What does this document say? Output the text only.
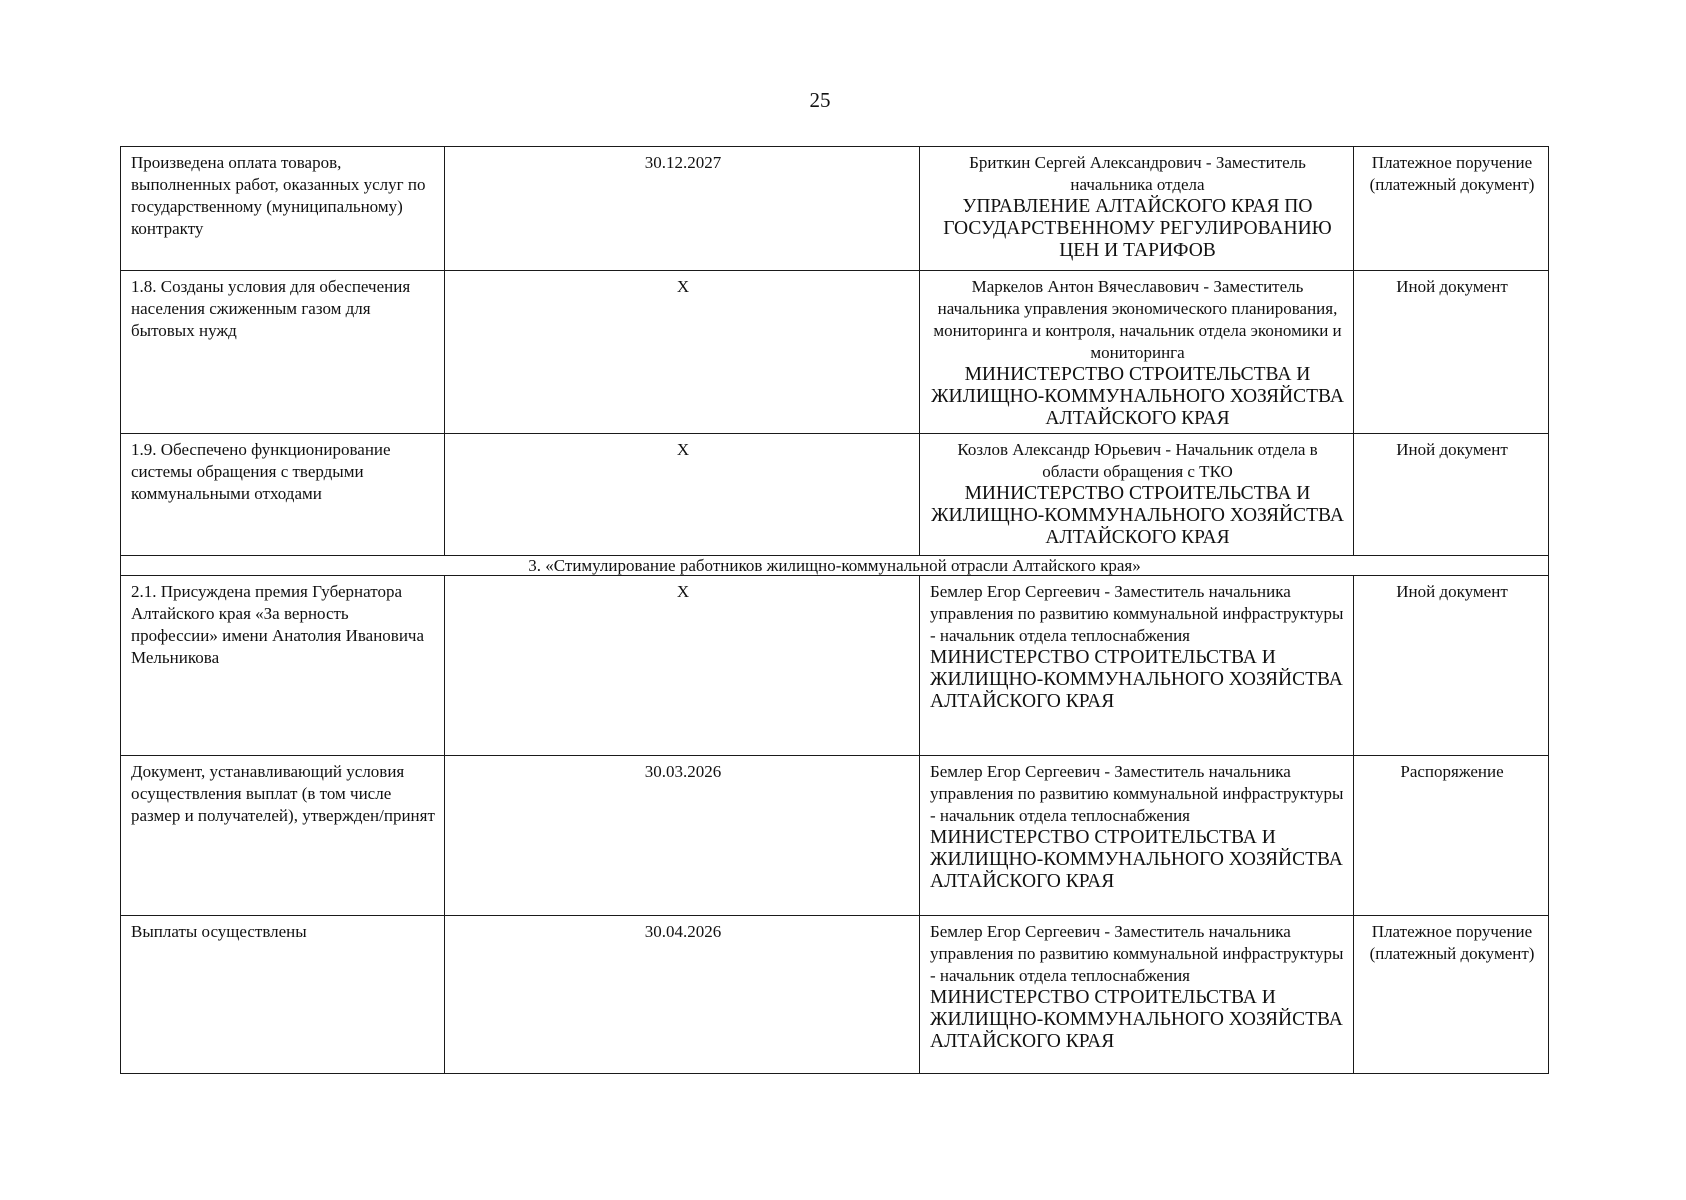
25
Произведена оплата товаров, выполненных работ, оказанных услуг по государственному (муниципальному) контракту	30.12.2027	Бриткин Сергей Александрович - Заместитель начальника отдела
УПРАВЛЕНИЕ АЛТАЙСКОГО КРАЯ ПО ГОСУДАРСТВЕННОМУ РЕГУЛИРОВАНИЮ ЦЕН И ТАРИФОВ	Платежное поручение (платежный документ)
1.8. Созданы условия для обеспечения населения сжиженным газом для бытовых нужд	X	Маркелов Антон Вячеславович - Заместитель начальника управления экономического планирования, мониторинга и контроля, начальник отдела экономики и мониторинга
МИНИСТЕРСТВО СТРОИТЕЛЬСТВА И ЖИЛИЩНО-КОММУНАЛЬНОГО ХОЗЯЙСТВА АЛТАЙСКОГО КРАЯ	Иной документ
1.9. Обеспечено функционирование системы обращения с твердыми коммунальными отходами	X	Козлов Александр Юрьевич - Начальник отдела в области обращения с ТКО
МИНИСТЕРСТВО СТРОИТЕЛЬСТВА И ЖИЛИЩНО-КОММУНАЛЬНОГО ХОЗЯЙСТВА АЛТАЙСКОГО КРАЯ	Иной документ
3. «Стимулирование работников жилищно-коммунальной отрасли Алтайского края»			
2.1. Присуждена премия Губернатора Алтайского края «За верность профессии» имени Анатолия Ивановича Мельникова	X	Бемлер Егор Сергеевич - Заместитель начальника управления по развитию коммунальной инфраструктуры - начальник отдела теплоснабжения
МИНИСТЕРСТВО СТРОИТЕЛЬСТВА И ЖИЛИЩНО-КОММУНАЛЬНОГО ХОЗЯЙСТВА АЛТАЙСКОГО КРАЯ	Иной документ
Документ, устанавливающий условия осуществления выплат (в том числе размер и получателей), утвержден/принят	30.03.2026	Бемлер Егор Сергеевич - Заместитель начальника управления по развитию коммунальной инфраструктуры - начальник отдела теплоснабжения
МИНИСТЕРСТВО СТРОИТЕЛЬСТВА И ЖИЛИЩНО-КОММУНАЛЬНОГО ХОЗЯЙСТВА АЛТАЙСКОГО КРАЯ	Распоряжение
Выплаты осуществлены	30.04.2026	Бемлер Егор Сергеевич - Заместитель начальника управления по развитию коммунальной инфраструктуры - начальник отдела теплоснабжения
МИНИСТЕРСТВО СТРОИТЕЛЬСТВА И ЖИЛИЩНО-КОММУНАЛЬНОГО ХОЗЯЙСТВА АЛТАЙСКОГО КРАЯ	Платежное поручение (платежный документ)
